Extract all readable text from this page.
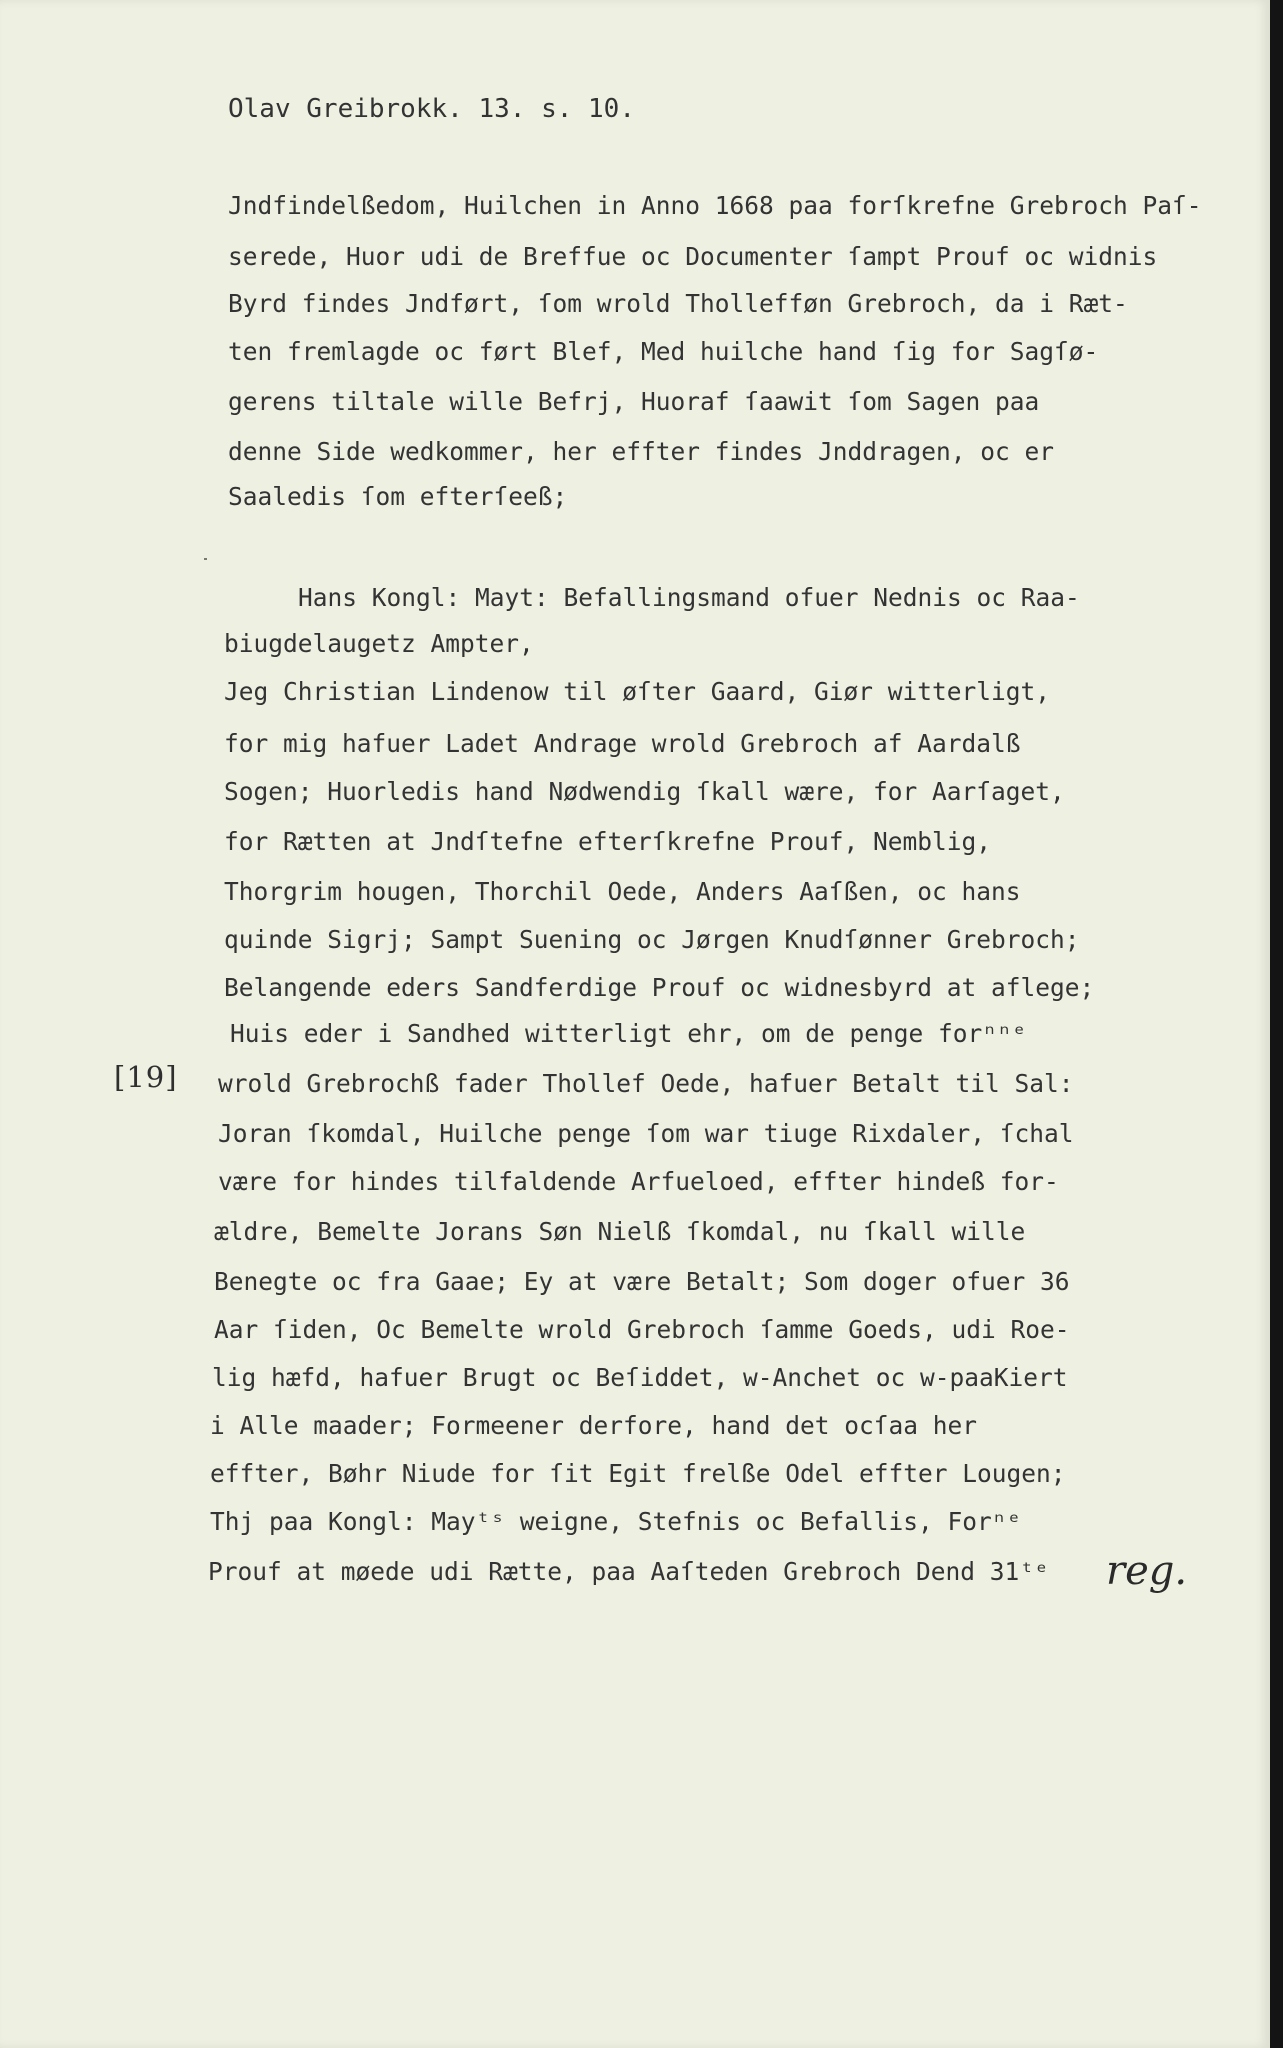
Olav Greibrokk. 13. s. 10.
Jndfindelßedom, Huilchen in Anno 1668 paa forſkrefne Grebroch Paſ-
serede, Huor udi de Breffue oc Documenter ſampt Prouf oc widnis
Byrd findes Jndført, ſom wrold Thollefføn Grebroch, da i Ræt-
ten fremlagde oc ført Blef, Med huilche hand ſig for Sagſø-
gerens tiltale wille Befrj, Huoraf ſaawit ſom Sagen paa
denne Side wedkommer, her effter findes Jnddragen, oc er
Saaledis ſom efterſeeß;
Hans Kongl: Mayt: Befallingsmand ofuer Nednis oc Raa-
biugdelaugetz Ampter,
Jeg Christian Lindenow til øſter Gaard, Giør witterligt,
for mig hafuer Ladet Andrage wrold Grebroch af Aardalß
Sogen; Huorledis hand Nødwendig ſkall wære, for Aarſaget,
for Rætten at Jndſtefne efterſkrefne Prouf, Nemblig,
Thorgrim hougen, Thorchil Oede, Anders Aaſßen, oc hans
quinde Sigrj; Sampt Suening oc Jørgen Knudſønner Grebroch;
Belangende eders Sandferdige Prouf oc widnesbyrd at aflege;
Huis eder i Sandhed witterligt ehr, om de penge forⁿⁿᵉ
[19] wrold Grebrochß fader Thollef Oede, hafuer Betalt til Sal:
Joran ſkomdal, Huilche penge ſom war tiuge Rixdaler, ſchal
være for hindes tilfaldende Arfueloed, effter hindeß for-
ældre, Bemelte Jorans Søn Nielß ſkomdal, nu ſkall wille
Benegte oc fra Gaae; Ey at være Betalt; Som doger ofuer 36
Aar ſiden, Oc Bemelte wrold Grebroch ſamme Goeds, udi Roe-
lig hæfd, hafuer Brugt oc Beſiddet, w-Anchet oc w-paaKiert
i Alle maader; Formeener derfore, hand det ocſaa her
effter, Bøhr Niude for ſit Egit frelße Odel effter Lougen;
Thj paa Kongl: Mayᵗˢ weigne, Stefnis oc Befallis, Forⁿᵉ
Prouf at møede udi Rætte, paa Aaſteden Grebroch Dend 31ᵗᵉ reg.
